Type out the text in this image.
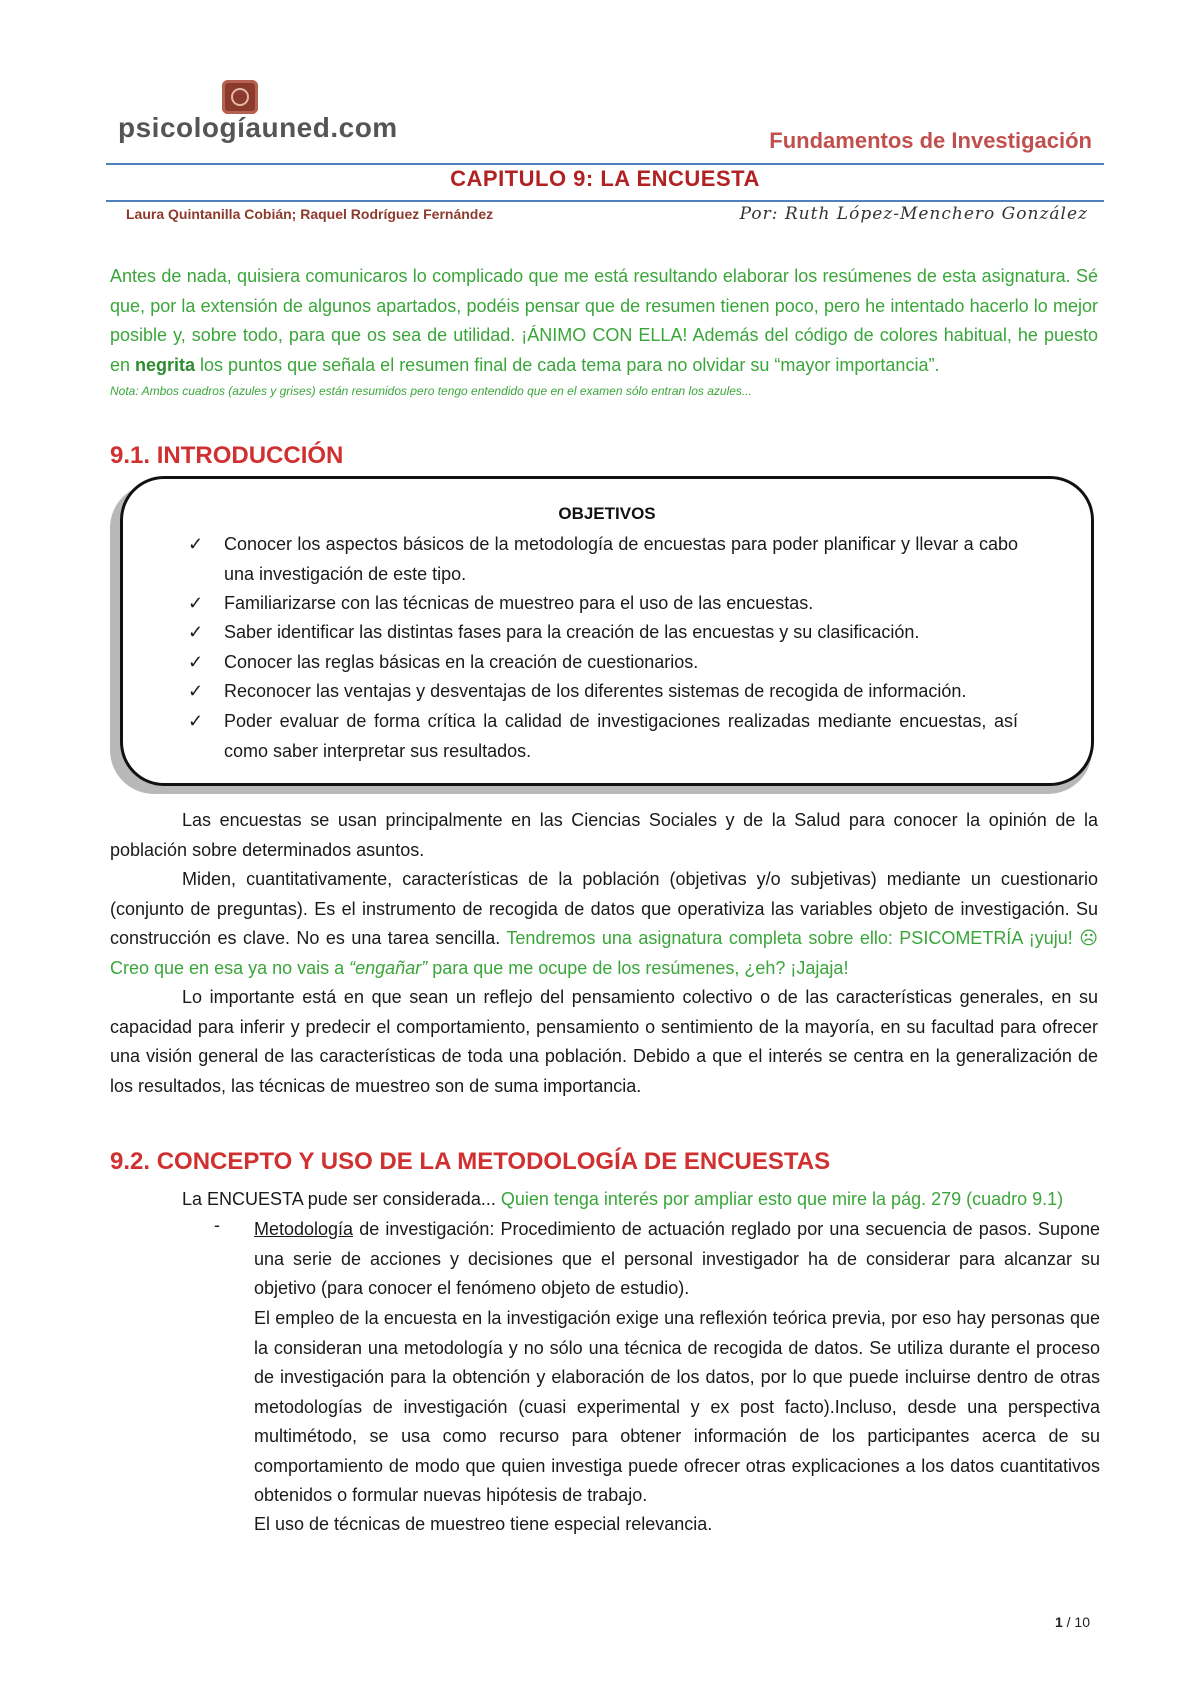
psicologíauned.com	Fundamentos de Investigación
CAPITULO 9: LA ENCUESTA
Laura Quintanilla Cobián; Raquel Rodríguez Fernández	Por: Ruth López-Menchero González
Antes de nada, quisiera comunicaros lo complicado que me está resultando elaborar los resúmenes de esta asignatura. Sé que, por la extensión de algunos apartados, podéis pensar que de resumen tienen poco, pero he intentado hacerlo lo mejor posible y, sobre todo, para que os sea de utilidad. ¡ÁNIMO CON ELLA! Además del código de colores habitual, he puesto en negrita los puntos que señala el resumen final de cada tema para no olvidar su “mayor importancia”.
Nota: Ambos cuadros (azules y grises) están resumidos pero tengo entendido que en el examen sólo entran los azules...
9.1. INTRODUCCIÓN
OBJETIVOS
✓	Conocer los aspectos básicos de la metodología de encuestas para poder planificar y llevar a cabo una investigación de este tipo.
✓	Familiarizarse con las técnicas de muestreo para el uso de las encuestas.
✓	Saber identificar las distintas fases para la creación de las encuestas y su clasificación.
✓	Conocer las reglas básicas en la creación de cuestionarios.
✓	Reconocer las ventajas y desventajas de los diferentes sistemas de recogida de información.
✓	Poder evaluar de forma crítica la calidad de investigaciones realizadas mediante encuestas, así como saber interpretar sus resultados.
Las encuestas se usan principalmente en las Ciencias Sociales y de la Salud para conocer la opinión de la población sobre determinados asuntos.
Miden, cuantitativamente, características de la población (objetivas y/o subjetivas) mediante un cuestionario (conjunto de preguntas). Es el instrumento de recogida de datos que operativiza las variables objeto de investigación. Su construcción es clave. No es una tarea sencilla. Tendremos una asignatura completa sobre ello: PSICOMETRÍA ¡yuju! ☹ Creo que en esa ya no vais a “engañar” para que me ocupe de los resúmenes, ¿eh? ¡Jajaja!
Lo importante está en que sean un reflejo del pensamiento colectivo o de las características generales, en su capacidad para inferir y predecir el comportamiento, pensamiento o sentimiento de la mayoría, en su facultad para ofrecer una visión general de las características de toda una población. Debido a que el interés se centra en la generalización de los resultados, las técnicas de muestreo son de suma importancia.
9.2. CONCEPTO Y USO DE LA METODOLOGÍA DE ENCUESTAS
La ENCUESTA pude ser considerada... Quien tenga interés por ampliar esto que mire la pág. 279 (cuadro 9.1)
- Metodología de investigación: Procedimiento de actuación reglado por una secuencia de pasos. Supone una serie de acciones y decisiones que el personal investigador ha de considerar para alcanzar su objetivo (para conocer el fenómeno objeto de estudio).
El empleo de la encuesta en la investigación exige una reflexión teórica previa, por eso hay personas que la consideran una metodología y no sólo una técnica de recogida de datos. Se utiliza durante el proceso de investigación para la obtención y elaboración de los datos, por lo que puede incluirse dentro de otras metodologías de investigación (cuasi experimental y ex post facto).Incluso, desde una perspectiva multimétodo, se usa como recurso para obtener información de los participantes acerca de su comportamiento de modo que quien investiga puede ofrecer otras explicaciones a los datos cuantitativos obtenidos o formular nuevas hipótesis de trabajo.
El uso de técnicas de muestreo tiene especial relevancia.
1 / 10
